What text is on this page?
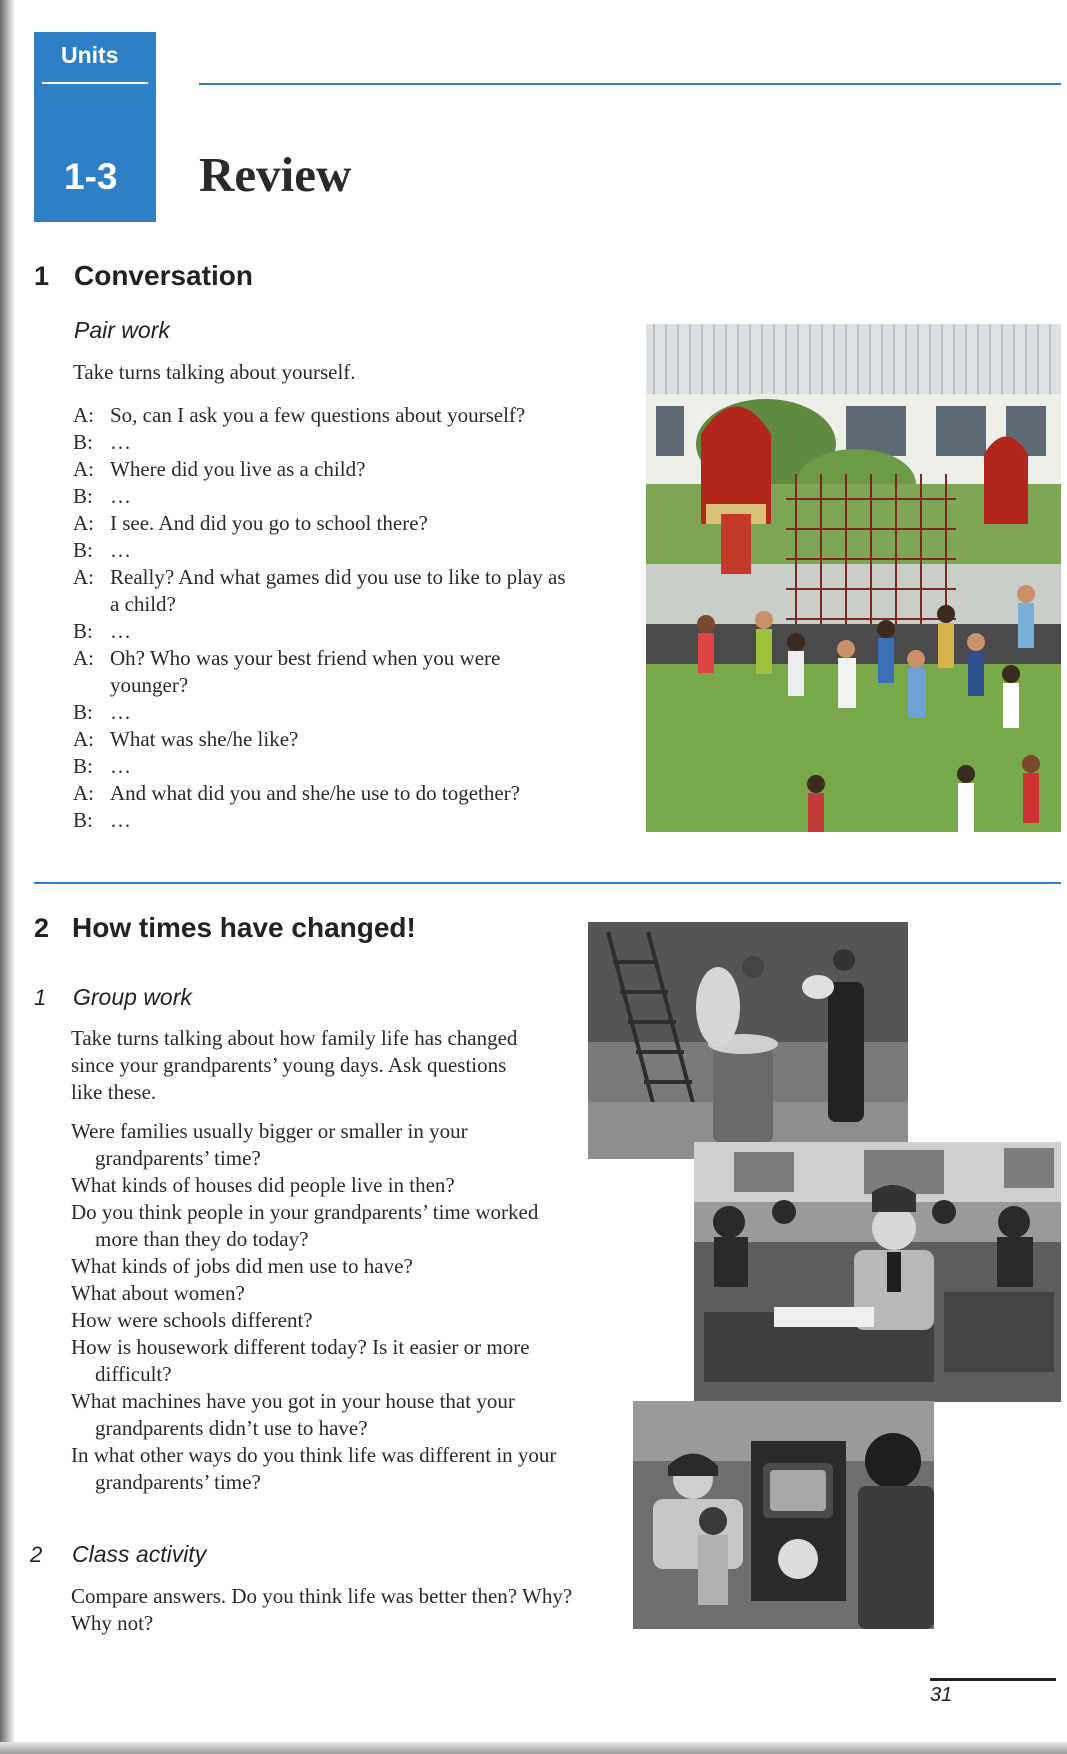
Units
1-3 Review
1 Conversation
Pair work

Take turns talking about yourself.

A: So, can I ask you a few questions about yourself?
B: …
A: Where did you live as a child?
B: …
A: I see. And did you go to school there?
B: …
A: Really? And what games did you use to like to play as a child?
B: …
A: Oh? Who was your best friend when you were younger?
B: …
A: What was she/he like?
B: …
A: And what did you and she/he use to do together?
B: …
2 How times have changed!
1 Group work

Take turns talking about how family life has changed since your grandparents’ young days. Ask questions like these.

Were families usually bigger or smaller in your grandparents’ time?
What kinds of houses did people live in then?
Do you think people in your grandparents’ time worked more than they do today?
What kinds of jobs did men use to have?
What about women?
How were schools different?
How is housework different today? Is it easier or more difficult?
What machines have you got in your house that your grandparents didn’t use to have?
In what other ways do you think life was different in your grandparents’ time?
2 Class activity

Compare answers. Do you think life was better then? Why? Why not?

31
